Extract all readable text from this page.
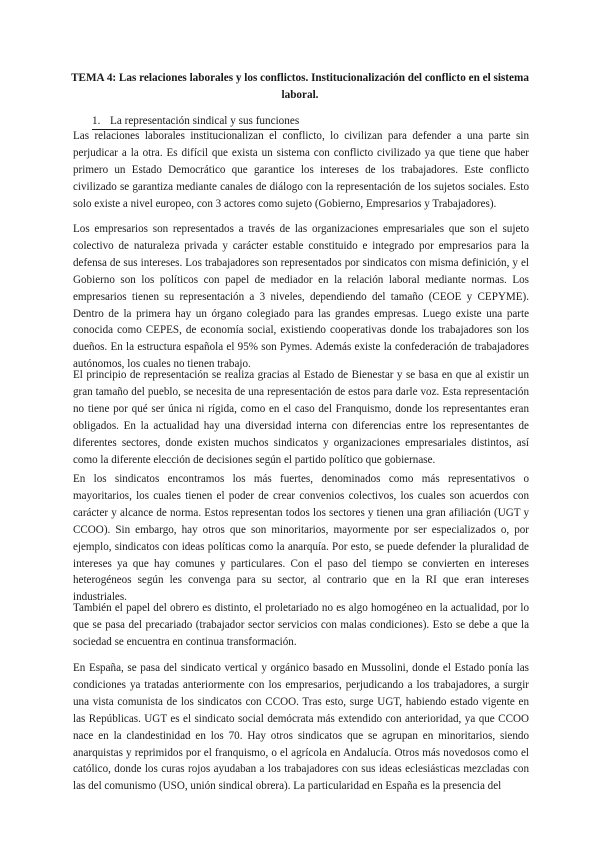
TEMA 4: Las relaciones laborales y los conflictos. Institucionalización del conflicto en el sistema laboral.
1. La representación sindical y sus funciones

Las relaciones laborales institucionalizan el conflicto, lo civilizan para defender a una parte sin perjudicar a la otra. Es difícil que exista un sistema con conflicto civilizado ya que tiene que haber primero un Estado Democrático que garantice los intereses de los trabajadores. Este conflicto civilizado se garantiza mediante canales de diálogo con la representación de los sujetos sociales. Esto solo existe a nivel europeo, con 3 actores como sujeto (Gobierno, Empresarios y Trabajadores).

Los empresarios son representados a través de las organizaciones empresariales que son el sujeto colectivo de naturaleza privada y carácter estable constituido e integrado por empresarios para la defensa de sus intereses. Los trabajadores son representados por sindicatos con misma definición, y el Gobierno son los políticos con papel de mediador en la relación laboral mediante normas. Los empresarios tienen su representación a 3 niveles, dependiendo del tamaño (CEOE y CEPYME). Dentro de la primera hay un órgano colegiado para las grandes empresas. Luego existe una parte conocida como CEPES, de economía social, existiendo cooperativas donde los trabajadores son los dueños. En la estructura española el 95% son Pymes. Además existe la confederación de trabajadores autónomos, los cuales no tienen trabajo.

El principio de representación se realiza gracias al Estado de Bienestar y se basa en que al existir un gran tamaño del pueblo, se necesita de una representación de estos para darle voz. Esta representación no tiene por qué ser única ni rígida, como en el caso del Franquismo, donde los representantes eran obligados. En la actualidad hay una diversidad interna con diferencias entre los representantes de diferentes sectores, donde existen muchos sindicatos y organizaciones empresariales distintos, así como la diferente elección de decisiones según el partido político que gobiernase.

En los sindicatos encontramos los más fuertes, denominados como más representativos o mayoritarios, los cuales tienen el poder de crear convenios colectivos, los cuales son acuerdos con carácter y alcance de norma. Estos representan todos los sectores y tienen una gran afiliación (UGT y CCOO). Sin embargo, hay otros que son minoritarios, mayormente por ser especializados o, por ejemplo, sindicatos con ideas políticas como la anarquía. Por esto, se puede defender la pluralidad de intereses ya que hay comunes y particulares. Con el paso del tiempo se convierten en intereses heterogéneos según les convenga para su sector, al contrario que en la RI que eran intereses industriales.

También el papel del obrero es distinto, el proletariado no es algo homogéneo en la actualidad, por lo que se pasa del precariado (trabajador sector servicios con malas condiciones). Esto se debe a que la sociedad se encuentra en continua transformación.

En España, se pasa del sindicato vertical y orgánico basado en Mussolini, donde el Estado ponía las condiciones ya tratadas anteriormente con los empresarios, perjudicando a los trabajadores, a surgir una vista comunista de los sindicatos con CCOO. Tras esto, surge UGT, habiendo estado vigente en las Repúblicas. UGT es el sindicato social demócrata más extendido con anterioridad, ya que CCOO nace en la clandestinidad en los 70. Hay otros sindicatos que se agrupan en minoritarios, siendo anarquistas y reprimidos por el franquismo, o el agrícola en Andalucía. Otros más novedosos como el católico, donde los curas rojos ayudaban a los trabajadores con sus ideas eclesiásticas mezcladas con las del comunismo (USO, unión sindical obrera). La particularidad en España es la presencia del
